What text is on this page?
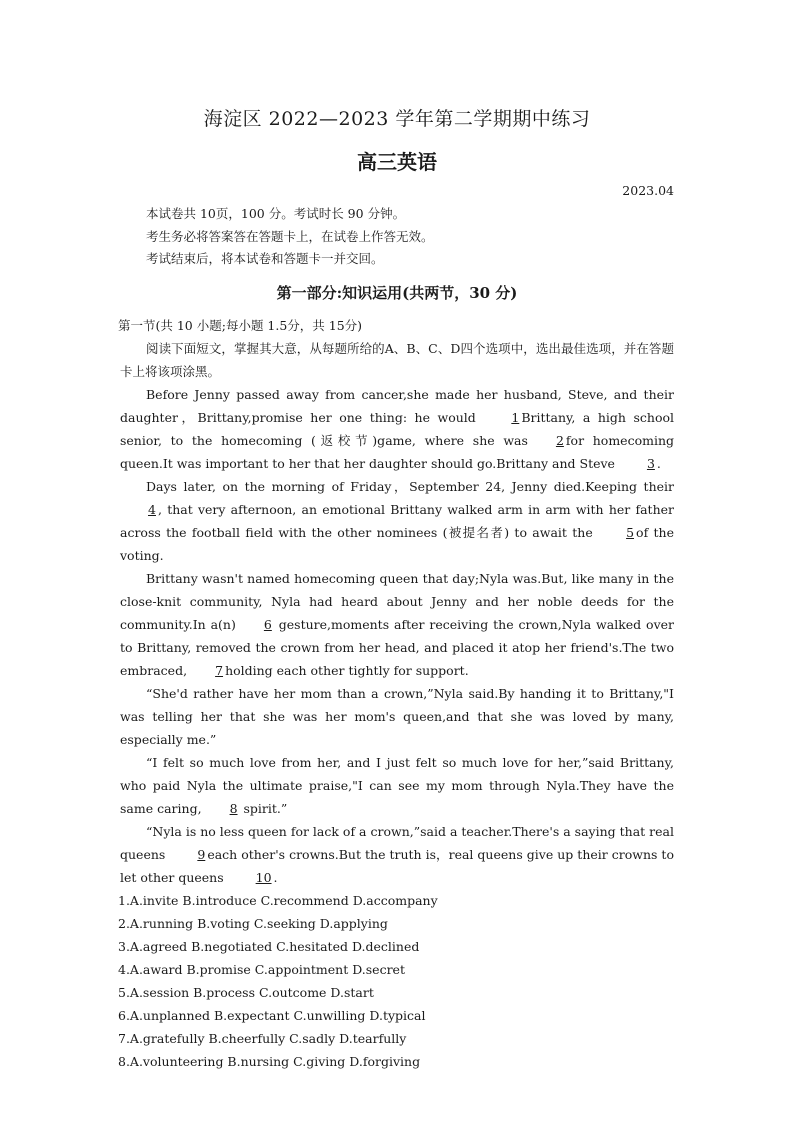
海淀区 2022—2023 学年第二学期期中练习
高三英语
2023.04
本试卷共 10页，100 分。考试时长 90 分钟。
考生务必将答案答在答题卡上，在试卷上作答无效。
考试结束后，将本试卷和答题卡一并交回。
第一部分:知识运用(共两节，30 分)
第一节(共 10 小题;每小题 1.5分，共 15分)

阅读下面短文，掌握其大意，从每题所给的A、B、C、D四个选项中，选出最佳选项，并在答题卡上将该项涂黑。

Before Jenny passed away from cancer,she made her husband, Steve, and their daughter，Brittany,promise her one thing: he would 1 Brittany, a high school senior, to the homecoming (返校节)game, where she was 2 for homecoming queen.It was important to her that her daughter should go.Brittany and Steve 3 .

Days later, on the morning of Friday，September 24, Jenny died.Keeping their4 , that very afternoon, an emotional Brittany walked arm in arm with her father across the football field with the other nominees (被提名者) to await the 5 of the voting.

Brittany wasn't named homecoming queen that day;Nyla was.But, like many in the close-knit community, Nyla had heard about Jenny and her noble deeds for the community.In a(n) 6 gesture,moments after receiving the crown,Nyla walked over to Brittany, removed the crown from her head, and placed it atop her friend's.The two embraced, 7 holding each other tightly for support.

“She'd rather have her mom than a crown,”Nyla said.By handing it to Brittany,"I was telling her that she was her mom's queen,and that she was loved by many, especially me.”

“I felt so much love from her, and I just felt so much love for her,”said Brittany, who paid Nyla the ultimate praise,"I can see my mom through Nyla.They have the same caring, 8 spirit.”

“Nyla is no less queen for lack of a crown,”said a teacher.There's a saying that real queens 9 each other's crowns.But the truth is，real queens give up their crowns to let other queens 10 .

1.A.invite B.introduce C.recommend D.accompany
2.A.running B.voting C.seeking D.applying
3.A.agreed B.negotiated C.hesitated D.declined
4.A.award B.promise C.appointment D.secret
5.A.session B.process C.outcome D.start
6.A.unplanned B.expectant C.unwilling D.typical
7.A.gratefully B.cheerfully C.sadly D.tearfully
8.A.volunteering B.nursing C.giving D.forgiving
